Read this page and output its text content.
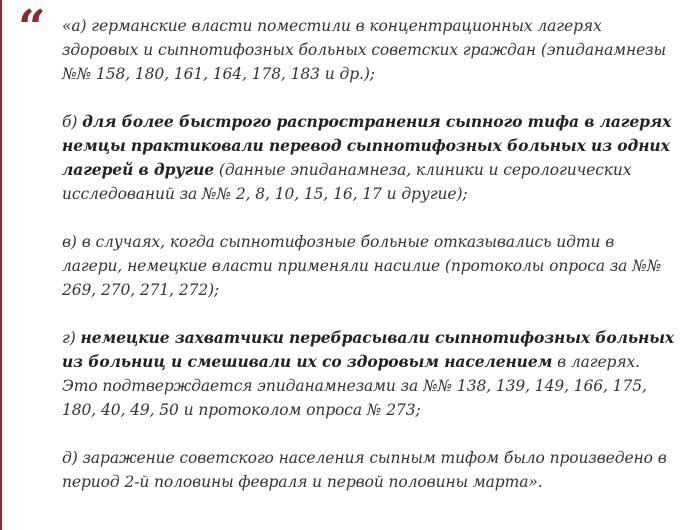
“ «а) германские власти поместили в концентрационных лагерях здоровых и сыпнотифозных больных советских граждан (эпиданамнезы №№ 158, 180, 161, 164, 178, 183 и др.);

б) для более быстрого распространения сыпного тифа в лагерях немцы практиковали перевод сыпнотифозных больных из одних лагерей в другие (данные эпиданамнеза, клиники и серологических исследований за №№ 2, 8, 10, 15, 16, 17 и другие);

в) в случаях, когда сыпнотифозные больные отказывались идти в лагери, немецкие власти применяли насилие (протоколы опроса за №№ 269, 270, 271, 272);

г) немецкие захватчики перебрасывали сыпнотифозных больных из больниц и смешивали их со здоровым населением в лагерях. Это подтверждается эпиданамнезами за №№ 138, 139, 149, 166, 175, 180, 40, 49, 50 и протоколом опроса № 273;

д) заражение советского населения сыпным тифом было произведено в период 2-й половины февраля и первой половины марта».
